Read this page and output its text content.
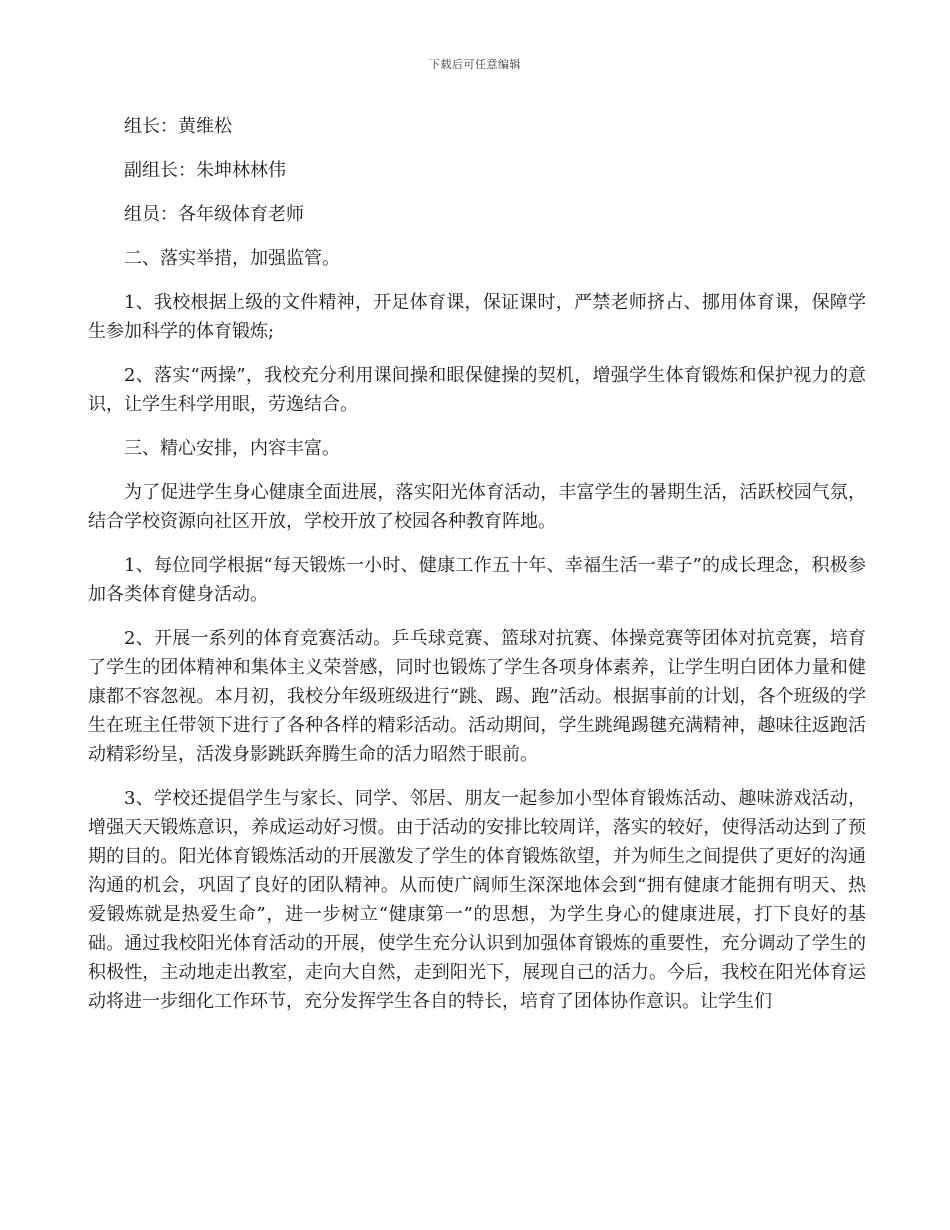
下载后可任意编辑

组长：黄维松

副组长：朱坤林林伟

组员：各年级体育老师

二、落实举措，加强监管。

1、我校根据上级的文件精神，开足体育课，保证课时，严禁老师挤占、挪用体育课，保障学生参加科学的体育锻炼;

2、落实“两操”，我校充分利用课间操和眼保健操的契机，增强学生体育锻炼和保护视力的意识，让学生科学用眼，劳逸结合。

三、精心安排，内容丰富。

为了促进学生身心健康全面进展，落实阳光体育活动，丰富学生的暑期生活，活跃校园气氛，结合学校资源向社区开放，学校开放了校园各种教育阵地。

1、每位同学根据“每天锻炼一小时、健康工作五十年、幸福生活一辈子”的成长理念，积极参加各类体育健身活动。

2、开展一系列的体育竞赛活动。乒乓球竞赛、篮球对抗赛、体操竞赛等团体对抗竞赛，培育了学生的团体精神和集体主义荣誉感，同时也锻炼了学生各项身体素养，让学生明白团体力量和健康都不容忽视。本月初，我校分年级班级进行“跳、踢、跑”活动。根据事前的计划，各个班级的学生在班主任带领下进行了各种各样的精彩活动。活动期间，学生跳绳踢毽充满精神，趣味往返跑活动精彩纷呈，活泼身影跳跃奔腾生命的活力昭然于眼前。

3、学校还提倡学生与家长、同学、邻居、朋友一起参加小型体育锻炼活动、趣味游戏活动，增强天天锻炼意识，养成运动好习惯。由于活动的安排比较周详，落实的较好，使得活动达到了预期的目的。阳光体育锻炼活动的开展激发了学生的体育锻炼欲望，并为师生之间提供了更好的沟通沟通的机会，巩固了良好的团队精神。从而使广阔师生深深地体会到“拥有健康才能拥有明天、热爱锻炼就是热爱生命”，进一步树立“健康第一”的思想，为学生身心的健康进展，打下良好的基础。通过我校阳光体育活动的开展，使学生充分认识到加强体育锻炼的重要性，充分调动了学生的积极性，主动地走出教室，走向大自然，走到阳光下，展现自己的活力。今后，我校在阳光体育运动将进一步细化工作环节，充分发挥学生各自的特长，培育了团体协作意识。让学生们
